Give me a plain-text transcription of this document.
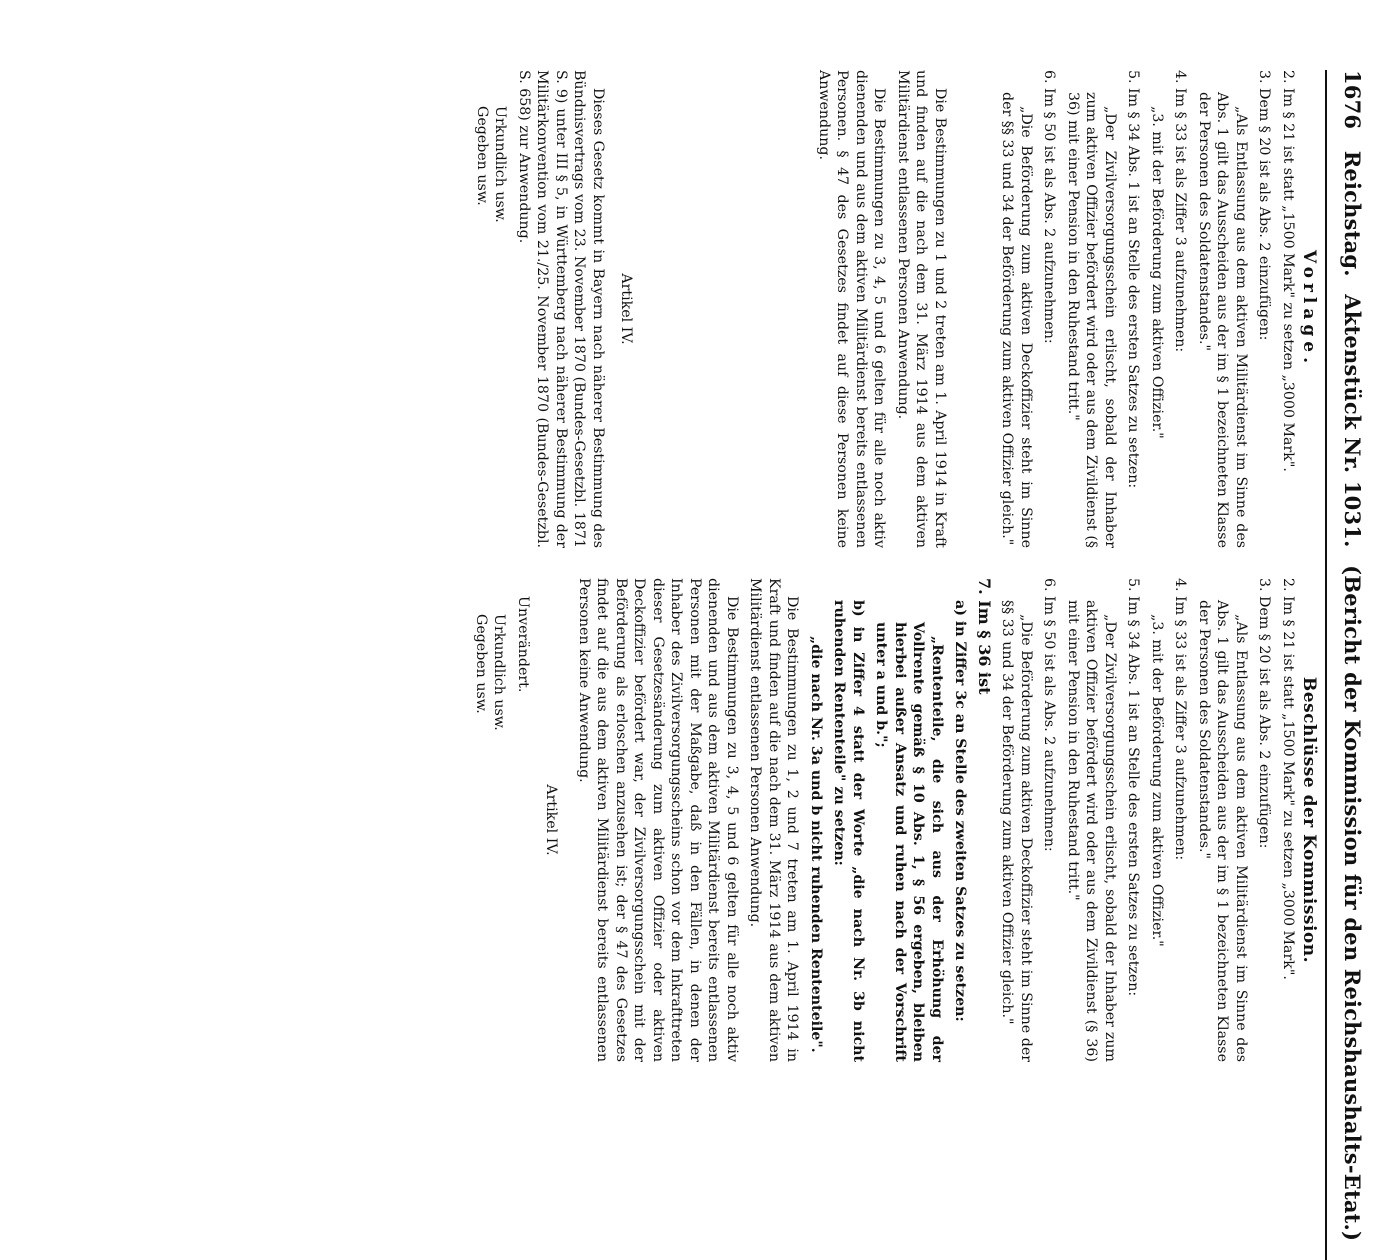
1676 Reichstag. Aktenstück Nr. 1031. (Bericht der Kommission für den Reichshaushalts-Etat.)
Vorlage.

2. Im § 21 ist statt „1500 Mark" zu setzen „3000 Mark".

3. Dem § 20 ist als Abs. 2 einzufügen:

„Als Entlassung aus dem aktiven Militärdienst im Sinne des Abs. 1 gilt das Ausscheiden aus der im § 1 bezeichneten Klasse der Personen des Soldatenstandes."

4. Im § 33 ist als Ziffer 3 aufzunehmen:

„3. mit der Beförderung zum aktiven Offizier."

5. Im § 34 Abs. 1 ist an Stelle des ersten Satzes zu setzen:

„Der Zivilversorgungsschein erlischt, sobald der Inhaber zum aktiven Offizier befördert wird oder aus dem Zivildienst (§ 36) mit einer Pension in den Ruhestand tritt."

6. Im § 50 ist als Abs. 2 aufzunehmen:

„Die Beförderung zum aktiven Deckoffizier steht im Sinne der §§ 33 und 34 der Beförderung zum aktiven Offizier gleich."

Die Bestimmungen zu 1 und 2 treten am 1. April 1914 in Kraft und finden auf die nach dem 31. März 1914 aus dem aktiven Militärdienst entlassenen Personen Anwendung.

Die Bestimmungen zu 3, 4, 5 und 6 gelten für alle noch aktiv dienenden und aus dem aktiven Militärdienst bereits entlassenen Personen. § 47 des Gesetzes findet auf diese Personen keine Anwendung.

Artikel IV.

Dieses Gesetz kommt in Bayern nach näherer Bestimmung des Bündnisvertrags vom 23. November 1870 (Bundes-Gesetzbl. 1871 S. 9) unter III § 5, in Württemberg nach näherer Bestimmung der Militärkonvention vom 21./25. November 1870 (Bundes-Gesetzbl. S. 658) zur Anwendung.

Urkundlich usw.

Gegeben usw.

Beschlüsse der Kommission.

2. Im § 21 ist statt „1500 Mark" zu setzen „3000 Mark".

3. Dem § 20 ist als Abs. 2 einzufügen:

„Als Entlassung aus dem aktiven Militärdienst im Sinne des Abs. 1 gilt das Ausscheiden aus der im § 1 bezeichneten Klasse der Personen des Soldatenstandes."

4. Im § 33 ist als Ziffer 3 aufzunehmen:

„3. mit der Beförderung zum aktiven Offizier."

5. Im § 34 Abs. 1 ist an Stelle des ersten Satzes zu setzen:

„Der Zivilversorgungsschein erlischt, sobald der Inhaber zum aktiven Offizier befördert wird oder aus dem Zivildienst (§ 36) mit einer Pension in den Ruhestand tritt."

6. Im § 50 ist als Abs. 2 aufzunehmen:

„Die Beförderung zum aktiven Deckoffizier steht im Sinne der §§ 33 und 34 der Beförderung zum aktiven Offizier gleich."

7. Im § 36 ist

a) in Ziffer 3c an Stelle des zweiten Satzes zu setzen:

„Rententeile, die sich aus der Erhöhung der Vollrente gemäß § 10 Abs. 1, § 56 ergeben, bleiben hierbei außer Ansatz und ruhen nach der Vorschrift unter a und b.";

b) in Ziffer 4 statt der Worte „die nach Nr. 3b nicht ruhenden Rententeile" zu setzen:

„die nach Nr. 3a und b nicht ruhenden Rententeile".

Die Bestimmungen zu 1, 2 und 7 treten am 1. April 1914 in Kraft und finden auf die nach dem 31. März 1914 aus dem aktiven Militärdienst entlassenen Personen Anwendung.

Die Bestimmungen zu 3, 4, 5 und 6 gelten für alle noch aktiv dienenden und aus dem aktiven Militärdienst bereits entlassenen Personen mit der Maßgabe, daß in den Fällen, in denen der Inhaber des Zivilversorgungsscheins schon vor dem Inkrafttreten dieser Gesetzesänderung zum aktiven Offizier oder aktiven Deckoffizier befördert war, der Zivilversorgungsschein mit der Beförderung als erloschen anzusehen ist; der § 47 des Gesetzes findet auf die aus dem aktiven Militärdienst bereits entlassenen Personen keine Anwendung.

Artikel IV.

Unverändert.

Urkundlich usw.

Gegeben usw.
